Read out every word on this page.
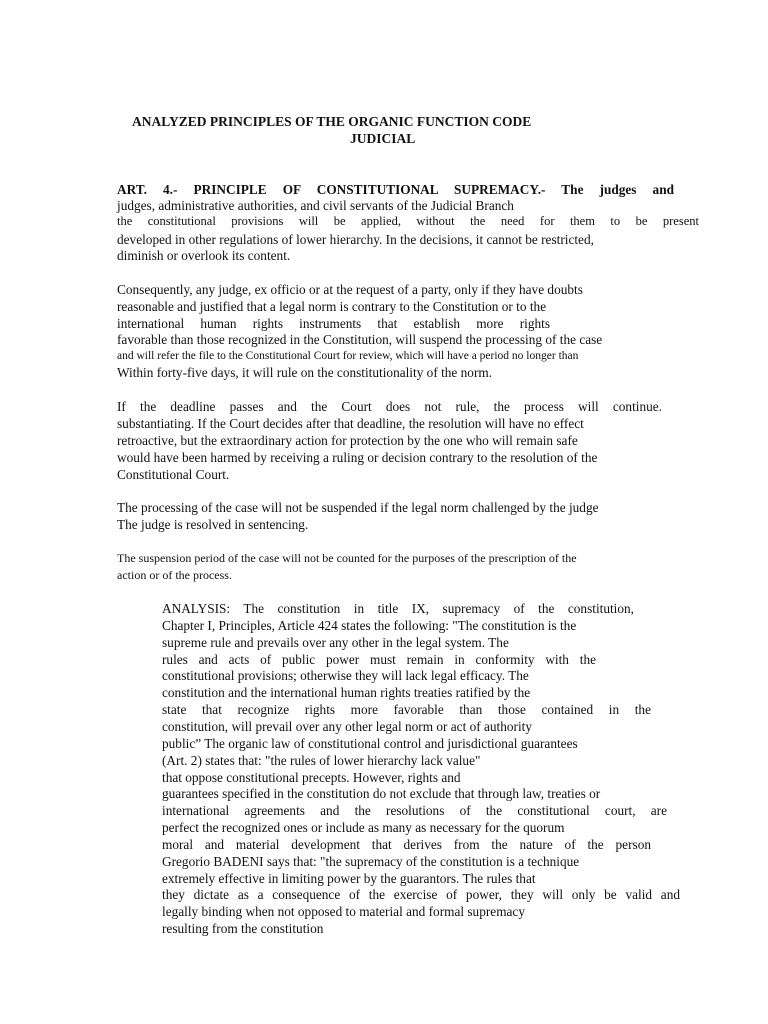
ANALYZED PRINCIPLES OF THE ORGANIC FUNCTION CODE
JUDICIAL
ART. 4.- PRINCIPLE OF CONSTITUTIONAL SUPREMACY.- The judges and
judges, administrative authorities, and civil servants of the Judicial Branch
the constitutional provisions will be applied, without the need for them to be present
developed in other regulations of lower hierarchy. In the decisions, it cannot be restricted,
diminish or overlook its content.
Consequently, any judge, ex officio or at the request of a party, only if they have doubts
reasonable and justified that a legal norm is contrary to the Constitution or to the
international human rights instruments that establish more rights
favorable than those recognized in the Constitution, will suspend the processing of the case
and will refer the file to the Constitutional Court for review, which will have a period no longer than
Within forty-five days, it will rule on the constitutionality of the norm.
If the deadline passes and the Court does not rule, the process will continue.
substantiating. If the Court decides after that deadline, the resolution will have no effect
retroactive, but the extraordinary action for protection by the one who will remain safe
would have been harmed by receiving a ruling or decision contrary to the resolution of the
Constitutional Court.
The processing of the case will not be suspended if the legal norm challenged by the judge
The judge is resolved in sentencing.
The suspension period of the case will not be counted for the purposes of the prescription of the
action or of the process.
ANALYSIS: The constitution in title IX, supremacy of the constitution,
Chapter I, Principles, Article 424 states the following: "The constitution is the
supreme rule and prevails over any other in the legal system. The
rules and acts of public power must remain in conformity with the
constitutional provisions; otherwise they will lack legal efficacy. The
constitution and the international human rights treaties ratified by the
state that recognize rights more favorable than those contained in the
constitution, will prevail over any other legal norm or act of authority
public” The organic law of constitutional control and jurisdictional guarantees
(Art. 2) states that: "the rules of lower hierarchy lack value"
that oppose constitutional precepts. However, rights and
guarantees specified in the constitution do not exclude that through law, treaties or
international agreements and the resolutions of the constitutional court, are
perfect the recognized ones or include as many as necessary for the quorum
moral and material development that derives from the nature of the person
Gregorio BADENI says that: "the supremacy of the constitution is a technique
extremely effective in limiting power by the guarantors. The rules that
they dictate as a consequence of the exercise of power, they will only be valid and
legally binding when not opposed to material and formal supremacy
resulting from the constitution
